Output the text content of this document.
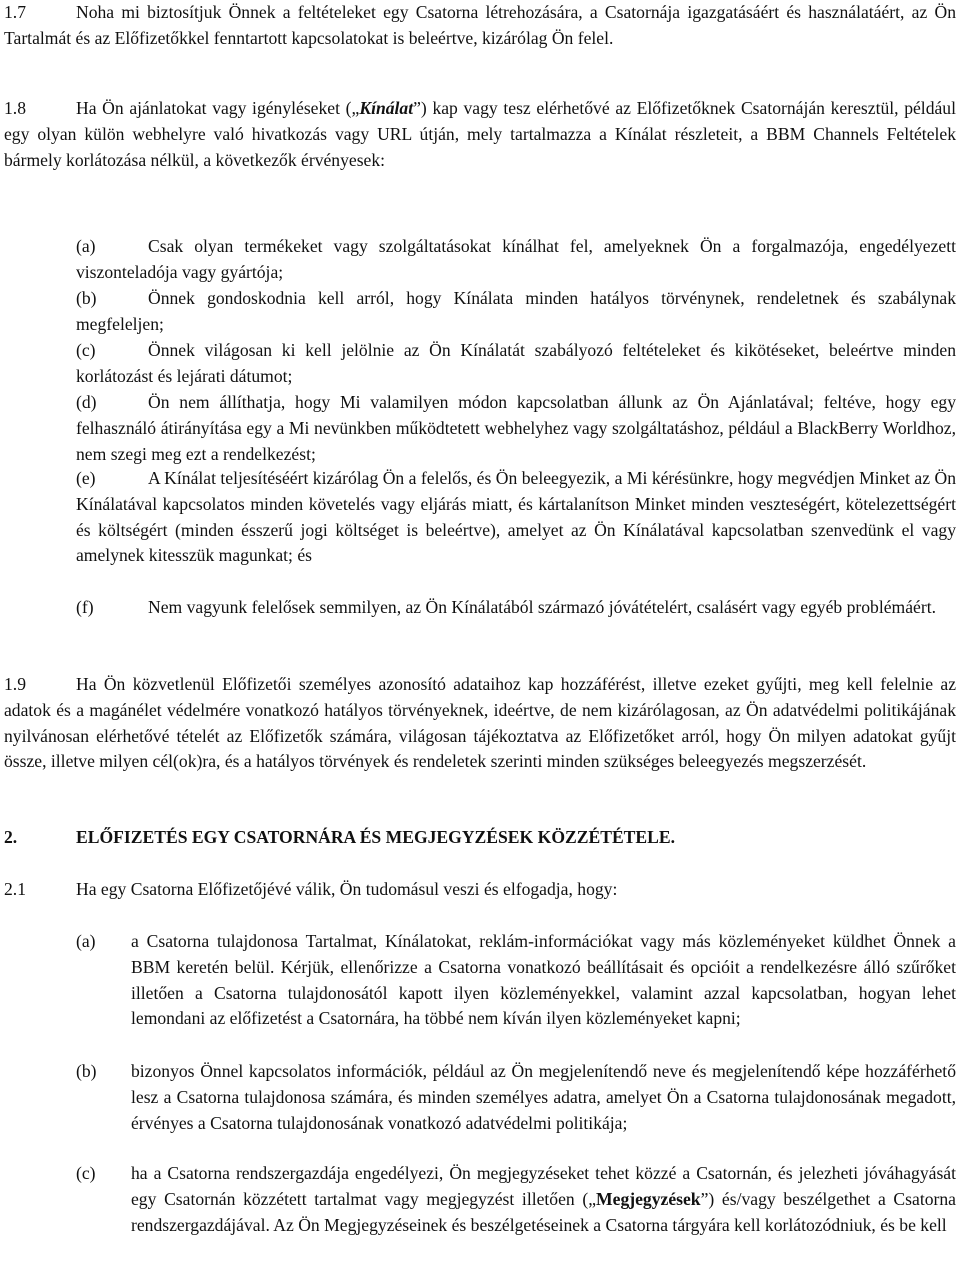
1.7	Noha mi biztosítjuk Önnek a feltételeket egy Csatorna létrehozására, a Csatornája igazgatásáért és használatáért, az Ön Tartalmát és az Előfizetőkkel fenntartott kapcsolatokat is beleértve, kizárólag Ön felel.

1.8	Ha Ön ajánlatokat vagy igényléseket („Kínálat”) kap vagy tesz elérhetővé az Előfizetőknek Csatornáján keresztül, például egy olyan külön webhelyre való hivatkozás vagy URL útján, mely tartalmazza a Kínálat részleteit, a BBM Channels Feltételek bármely korlátozása nélkül, a következők érvényesek:

(a)	Csak olyan termékeket vagy szolgáltatásokat kínálhat fel, amelyeknek Ön a forgalmazója, engedélyezett viszonteladója vagy gyártója;

(b)	Önnek gondoskodnia kell arról, hogy Kínálata minden hatályos törvénynek, rendeletnek és szabálynak megfeleljen;

(c)	Önnek világosan ki kell jelölnie az Ön Kínálatát szabályozó feltételeket és kikötéseket, beleértve minden korlátozást és lejárati dátumot;

(d)	Ön nem állíthatja, hogy Mi valamilyen módon kapcsolatban állunk az Ön Ajánlatával; feltéve, hogy egy felhasználó átirányítása egy a Mi nevünkben működtetett webhelyhez vagy szolgáltatáshoz, például a BlackBerry Worldhoz, nem szegi meg ezt a rendelkezést;

(e)	A Kínálat teljesítéséért kizárólag Ön a felelős, és Ön beleegyezik, a Mi kérésünkre, hogy megvédjen Minket az Ön Kínálatával kapcsolatos minden követelés vagy eljárás miatt, és kártalanítson Minket minden veszteségért, kötelezettségért és költségért (minden ésszerű jogi költséget is beleértve), amelyet az Ön Kínálatával kapcsolatban szenvedünk el vagy amelynek kitesszük magunkat; és

(f)	Nem vagyunk felelősek semmilyen, az Ön Kínálatából származó jóvátételért, csalásért vagy egyéb problémáért.

1.9	Ha Ön közvetlenül Előfizetői személyes azonosító adataihoz kap hozzáférést, illetve ezeket gyűjti, meg kell felelnie az adatok és a magánélet védelmére vonatkozó hatályos törvényeknek, ideértve, de nem kizárólagosan, az Ön adatvédelmi politikájának nyilvánosan elérhetővé tételét az Előfizetők számára, világosan tájékoztatva az Előfizetőket arról, hogy Ön milyen adatokat gyűjt össze, illetve milyen cél(ok)ra, és a hatályos törvények és rendeletek szerinti minden szükséges beleegyezés megszerzését.

2.	ELŐFIZETÉS EGY CSATORNÁRA ÉS MEGJEGYZÉSEK KÖZZÉTÉTELE.

2.1	Ha egy Csatorna Előfizetőjévé válik, Ön tudomásul veszi és elfogadja, hogy:

(a) a Csatorna tulajdonosa Tartalmat, Kínálatokat, reklám-információkat vagy más közleményeket küldhet Önnek a BBM keretén belül. Kérjük, ellenőrizze a Csatorna vonatkozó beállításait és opcióit a rendelkezésre álló szűrőket illetően a Csatorna tulajdonosától kapott ilyen közleményekkel, valamint azzal kapcsolatban, hogyan lehet lemondani az előfizetést a Csatornára, ha többé nem kíván ilyen közleményeket kapni;
(b) bizonyos Önnel kapcsolatos információk, például az Ön megjelenítendő neve és megjelenítendő képe hozzáférhető lesz a Csatorna tulajdonosa számára, és minden személyes adatra, amelyet Ön a Csatorna tulajdonosának megadott, érvényes a Csatorna tulajdonosának vonatkozó adatvédelmi politikája;
(c) ha a Csatorna rendszergazdája engedélyezi, Ön megjegyzéseket tehet közzé a Csatornán, és jelezheti jóváhagyását egy Csatornán közzétett tartalmat vagy megjegyzést illetően („Megjegyzések”) és/vagy beszélgethet a Csatorna rendszergazdájával. Az Ön Megjegyzéseinek és beszélgetéseinek a Csatorna tárgyára kell korlátozódniuk, és be kell
